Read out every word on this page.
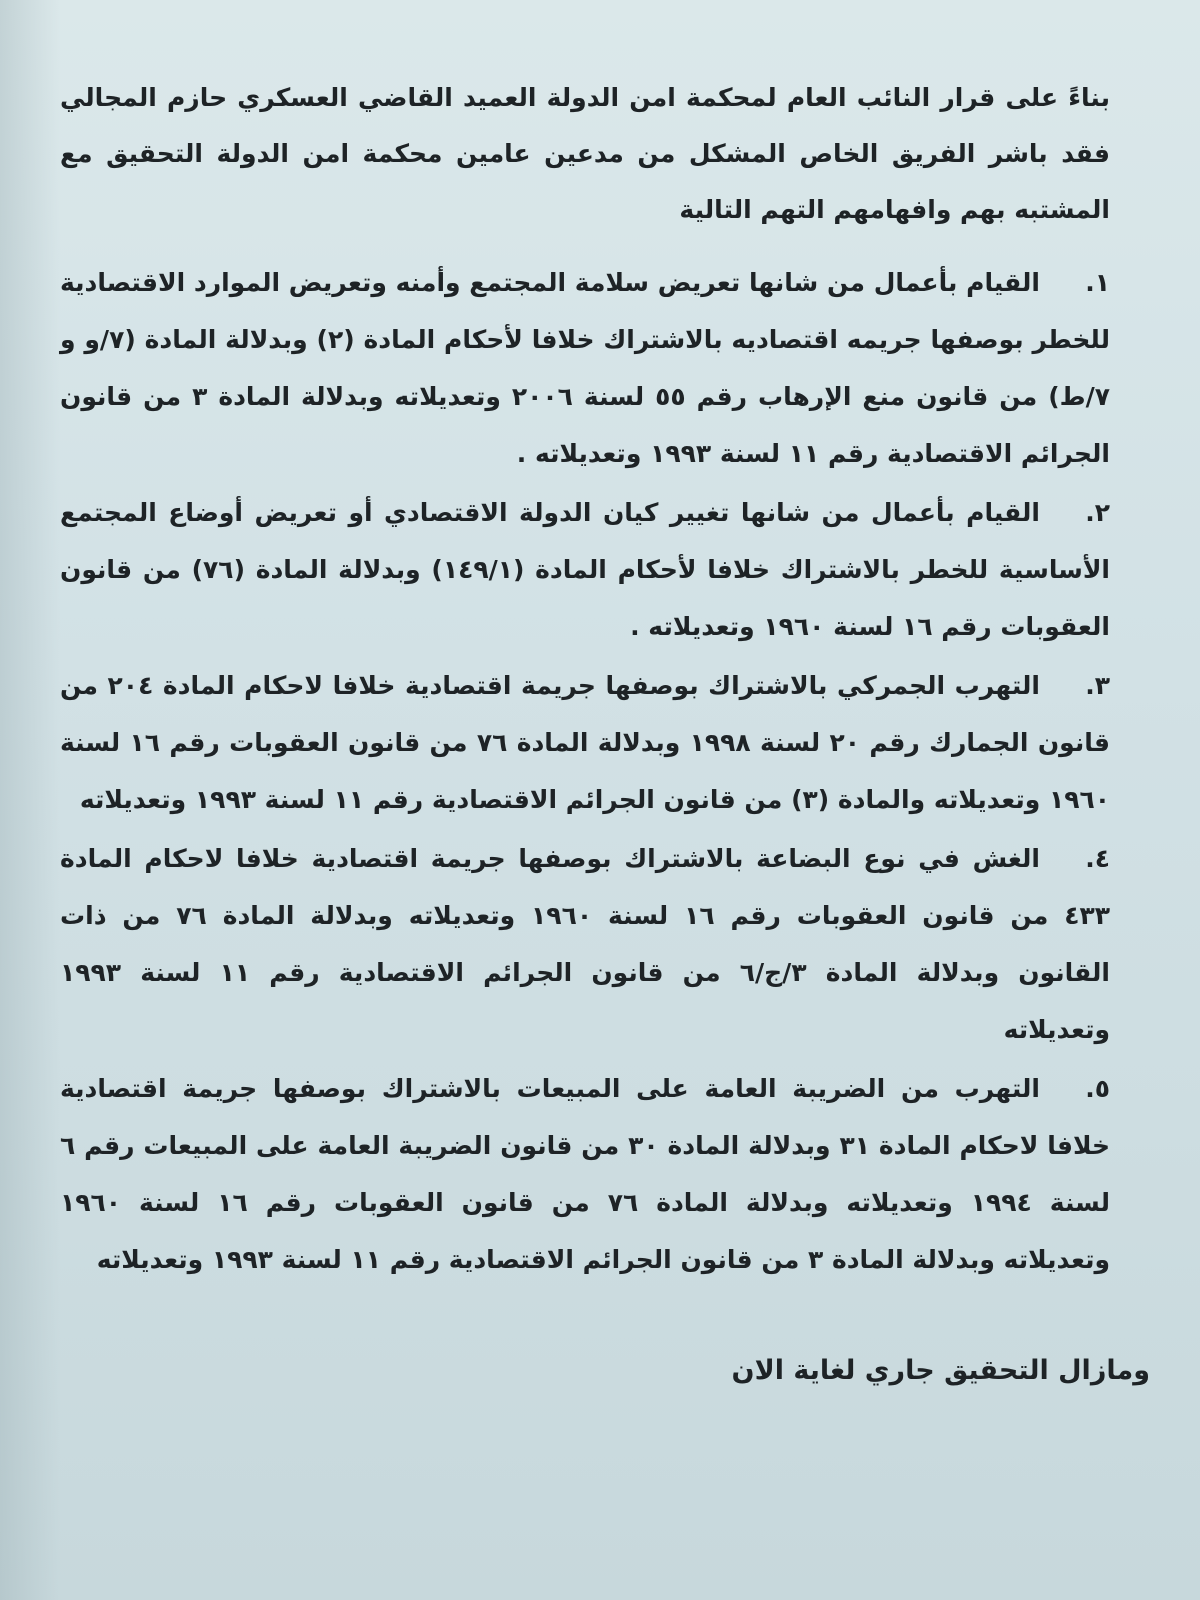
بناءً على قرار النائب العام لمحكمة امن الدولة العميد القاضي العسكري حازم المجالي فقد باشر الفريق الخاص المشكل من مدعين عامين محكمة امن الدولة التحقيق مع المشتبه بهم وافهامهم التهم التالية

١.القيام بأعمال من شانها تعريض سلامة المجتمع وأمنه وتعريض الموارد الاقتصادية للخطر بوصفها جريمه اقتصاديه بالاشتراك خلافا لأحكام المادة (٢) وبدلالة المادة (٧/و و ٧/ط) من قانون منع الإرهاب رقم ٥٥ لسنة ٢٠٠٦ وتعديلاته وبدلالة المادة ٣ من قانون الجرائم الاقتصادية رقم ١١ لسنة ١٩٩٣ وتعديلاته .

٢.القيام بأعمال من شانها تغيير كيان الدولة الاقتصادي أو تعريض أوضاع المجتمع الأساسية للخطر بالاشتراك خلافا لأحكام المادة (١٤٩/١) وبدلالة المادة (٧٦) من قانون العقوبات رقم ١٦ لسنة ١٩٦٠ وتعديلاته .

٣.التهرب الجمركي بالاشتراك بوصفها جريمة اقتصادية خلافا لاحكام المادة ٢٠٤ من قانون الجمارك رقم ٢٠ لسنة ١٩٩٨ وبدلالة المادة ٧٦ من قانون العقوبات رقم ١٦ لسنة ١٩٦٠ وتعديلاته والمادة (٣) من قانون الجرائم الاقتصادية رقم ١١ لسنة ١٩٩٣ وتعديلاته

٤.الغش في نوع البضاعة بالاشتراك بوصفها جريمة اقتصادية خلافا لاحكام المادة ٤٣٣ من قانون العقوبات رقم ١٦ لسنة ١٩٦٠ وتعديلاته وبدلالة المادة ٧٦ من ذات القانون وبدلالة المادة ٣/ج/٦ من قانون الجرائم الاقتصادية رقم ١١ لسنة ١٩٩٣ وتعديلاته

٥.التهرب من الضريبة العامة على المبيعات بالاشتراك بوصفها جريمة اقتصادية خلافا لاحكام المادة ٣١ وبدلالة المادة ٣٠ من قانون الضريبة العامة على المبيعات رقم ٦ لسنة ١٩٩٤ وتعديلاته وبدلالة المادة ٧٦ من قانون العقوبات رقم ١٦ لسنة ١٩٦٠ وتعديلاته وبدلالة المادة ٣ من قانون الجرائم الاقتصادية رقم ١١ لسنة ١٩٩٣ وتعديلاته

ومازال التحقيق جاري لغاية الان
